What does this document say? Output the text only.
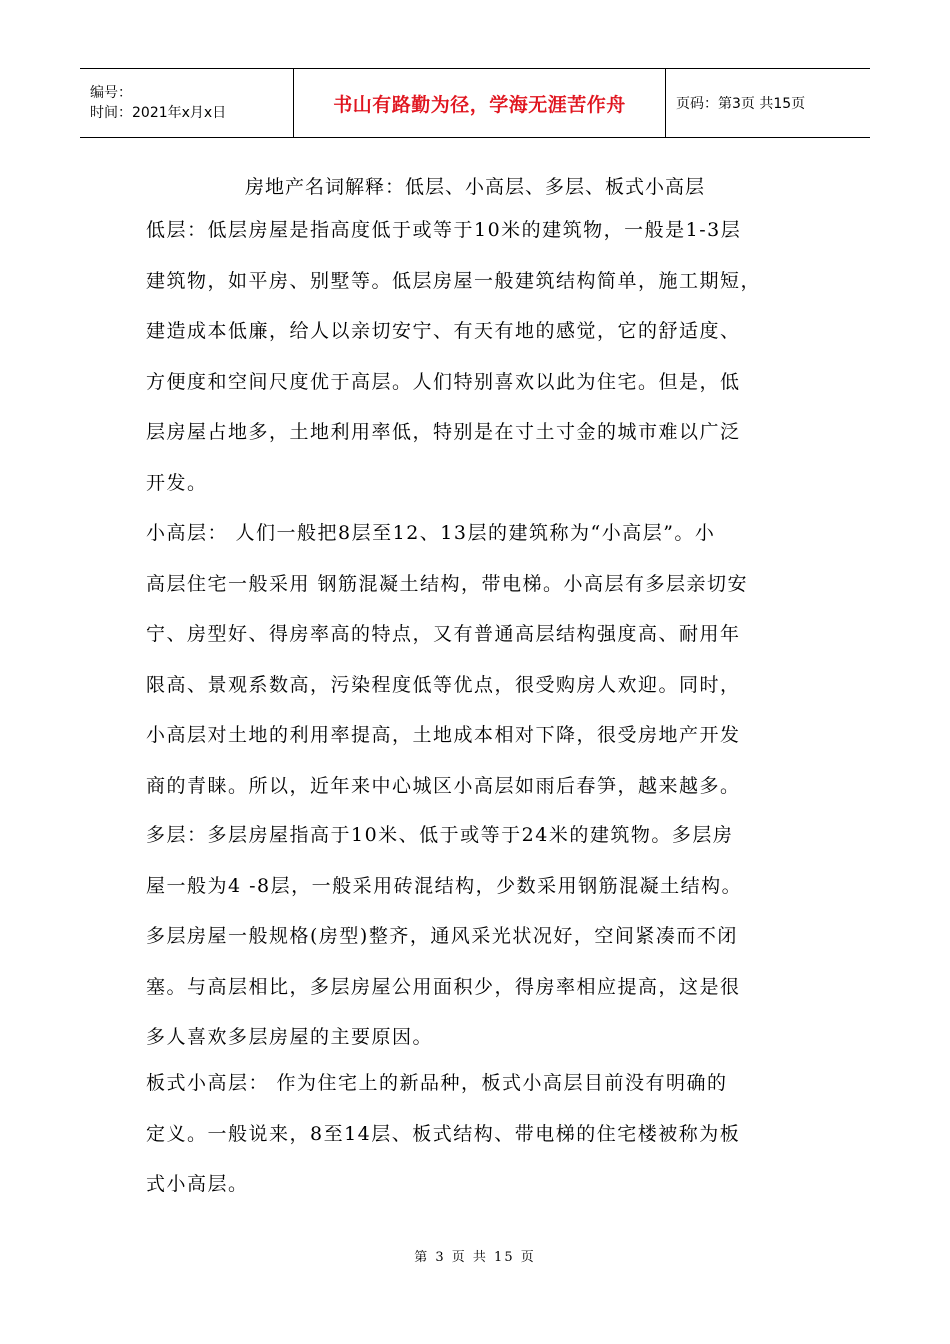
编号：
时间：2021年x月x日	书山有路勤为径，学海无涯苦作舟	页码：第3页 共15页
房地产名词解释：低层、小高层、多层、板式小高层
低层：低层房屋是指高度低于或等于10米的建筑物，一般是1-3层
建筑物，如平房、别墅等。低层房屋一般建筑结构简单，施工期短，
建造成本低廉，给人以亲切安宁、有天有地的感觉，它的舒适度、
方便度和空间尺度优于高层。人们特别喜欢以此为住宅。但是，低
层房屋占地多，土地利用率低，特别是在寸土寸金的城市难以广泛
开发。
小高层： 人们一般把8层至12、13层的建筑称为“小高层”。小
高层住宅一般采用 钢筋混凝土结构，带电梯。小高层有多层亲切安
宁、房型好、得房率高的特点，又有普通高层结构强度高、耐用年
限高、景观系数高，污染程度低等优点，很受购房人欢迎。同时，
小高层对土地的利用率提高，土地成本相对下降，很受房地产开发
商的青睐。所以，近年来中心城区小高层如雨后春笋，越来越多。
多层：多层房屋指高于10米、低于或等于24米的建筑物。多层房
屋一般为4 -8层，一般采用砖混结构，少数采用钢筋混凝土结构。
多层房屋一般规格(房型)整齐，通风采光状况好，空间紧凑而不闭
塞。与高层相比，多层房屋公用面积少，得房率相应提高，这是很
多人喜欢多层房屋的主要原因。
板式小高层： 作为住宅上的新品种，板式小高层目前没有明确的
定义。一般说来，8至14层、板式结构、带电梯的住宅楼被称为板
式小高层。
第 3 页 共 15 页
